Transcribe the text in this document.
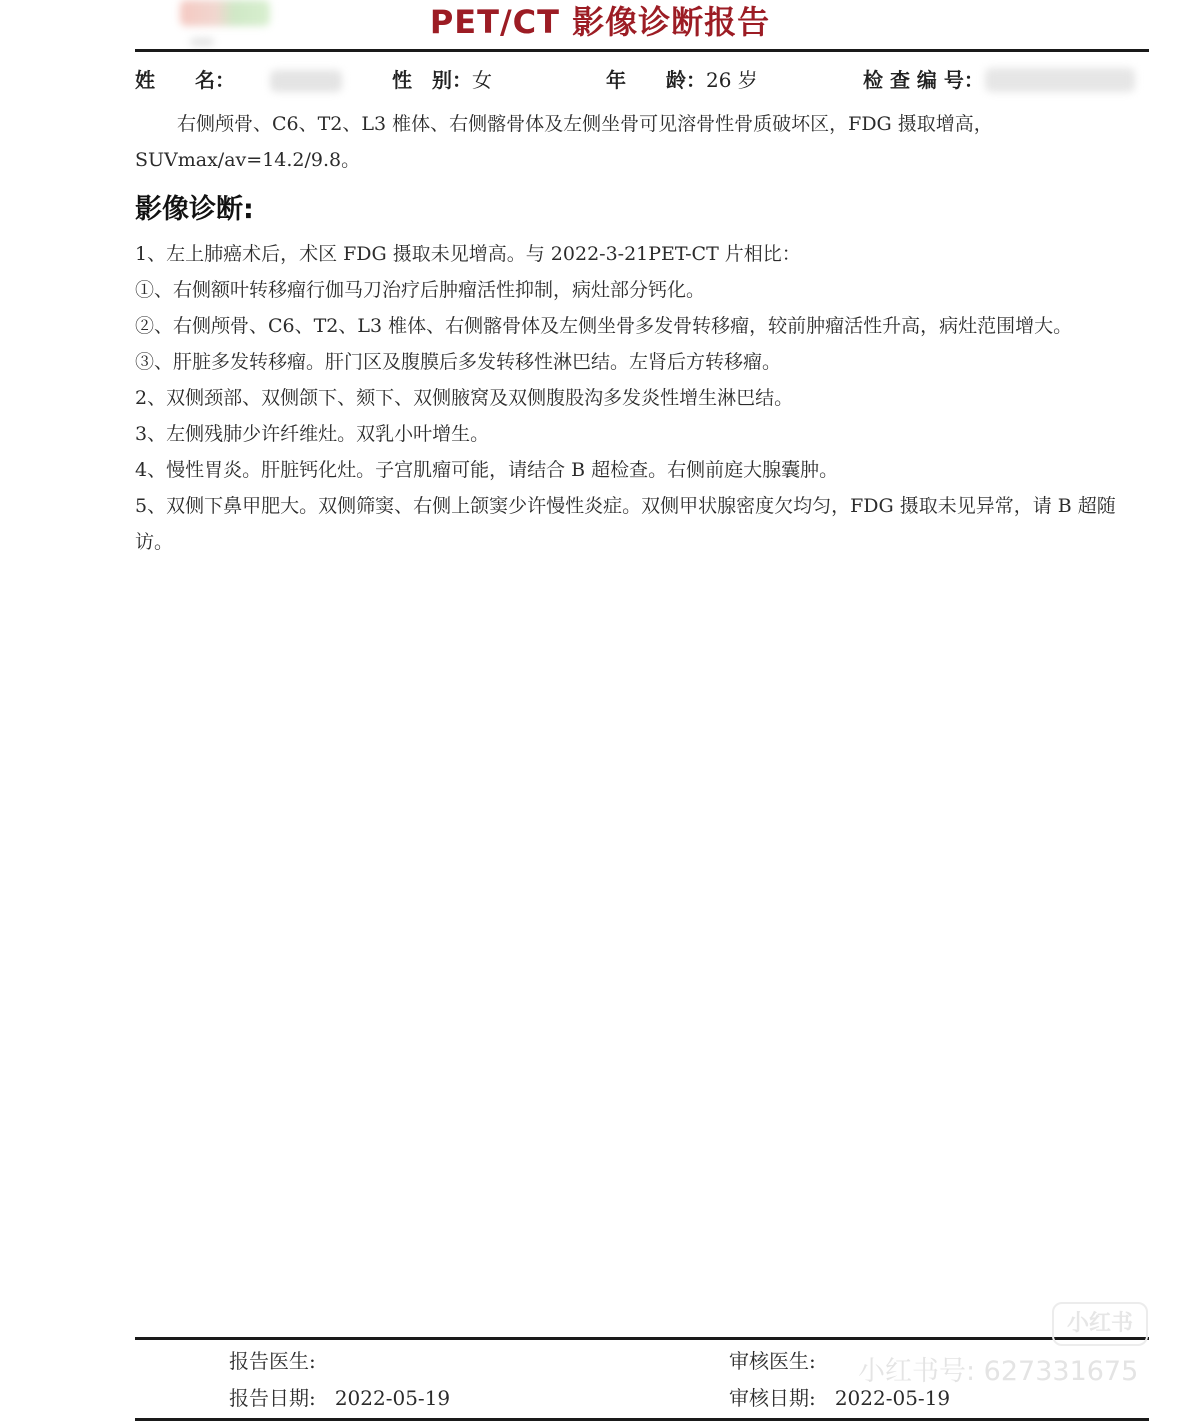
PET/CT 影像诊断报告
姓　　名：	性　别：女	年　　龄：26 岁	检 查 编 号：
右侧颅骨、C6、T2、L3 椎体、右侧髂骨体及左侧坐骨可见溶骨性骨质破坏区，FDG 摄取增高，SUVmax/av=14.2/9.8。
影像诊断:
1、左上肺癌术后，术区 FDG 摄取未见增高。与 2022-3-21PET-CT 片相比：
①、右侧额叶转移瘤行伽马刀治疗后肿瘤活性抑制，病灶部分钙化。
②、右侧颅骨、C6、T2、L3 椎体、右侧髂骨体及左侧坐骨多发骨转移瘤，较前肿瘤活性升高，病灶范围增大。
③、肝脏多发转移瘤。肝门区及腹膜后多发转移性淋巴结。左肾后方转移瘤。
2、双侧颈部、双侧颌下、颏下、双侧腋窝及双侧腹股沟多发炎性增生淋巴结。
3、左侧残肺少许纤维灶。双乳小叶增生。
4、慢性胃炎。肝脏钙化灶。子宫肌瘤可能，请结合 B 超检查。右侧前庭大腺囊肿。
5、双侧下鼻甲肥大。双侧筛窦、右侧上颌窦少许慢性炎症。双侧甲状腺密度欠均匀，FDG 摄取未见异常，请 B 超随访。
报告医生:	审核医生:
报告日期: 2022-05-19	审核日期: 2022-05-19
小红书
小红书号: 627331675
